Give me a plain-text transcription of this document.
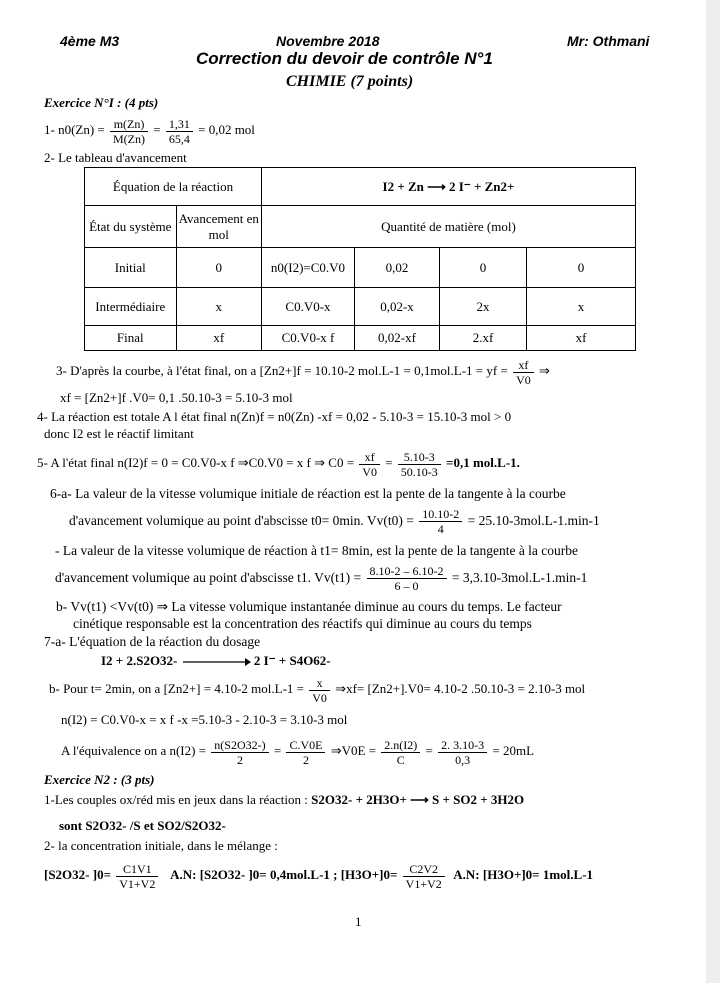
4ème M3	Novembre 2018	Mr: Othmani
Correction du devoir de contrôle N°1
CHIMIE (7 points)
Exercice N°I : (4 pts)
1- $n0(Zn) = \frac{m(Zn)}{M(Zn)} = \frac{1,31}{65,4} = 0,02$ mol
2- Le tableau d'avancement
Équation de la réaction		I2 + Zn ⟶ 2 I⁻ + Zn2+			
État du système	Avancement en mol	Quantité de matière (mol)			
Initial	0	n0(I2)=C0.V0	0,02	0	0
Intermédiaire	x	C0.V0-x	0,02-x	2x	x
Final	xf	C0.V0-x f	0,02-xf	2.xf	xf
3- D'après la courbe, à l'état final, on a [Zn2+]f = 10.10-2 mol.L-1 = 0,1mol.L-1 = yf = $\frac{xf}{V0}$ ⇒
xf = [Zn2+]f .V0= 0,1 .50.10-3 = 5.10-3 mol
4- La réaction est totale A l état final n(Zn)f = n0(Zn) -xf = 0,02 - 5.10-3 = 15.10-3 mol > 0
donc I2 est le réactif limitant
5- A l'état final n(I2)f = 0 = C0.V0-x f ⇒C0.V0 = x f ⇒ $C0 = \frac{xf}{V0} = \frac{5.10-3}{50.10-3} =0,1$ mol.L-1.
6-a- La valeur de la vitesse volumique initiale de réaction est la pente de la tangente à la courbe
d'avancement volumique au point d'abscisse t0= 0min. $Vv(t0) = \frac{10.10-2}{4} = 25.10-3mol.L-1.\min-1$
- La valeur de la vitesse volumique de réaction à t1= 8min, est la pente de la tangente à la courbe
d'avancement volumique au point d'abscisse t1. $Vv(t1) = \frac{8.10-2 - 6.10-2}{6 - 0} = 3,3.10-3mol.L-1.\min-1$
b- Vv(t1) <Vv(t0) ⇒ La vitesse volumique instantanée diminue au cours du temps. Le facteur
cinétique responsable est la concentration des réactifs qui diminue au cours du temps
7-a- L'équation de la réaction du dosage
I2 + 2.S2O32-	2 I⁻ + S4O62-
b- Pour t= 2min, on a [Zn2+] = 4.10-2 $mol.L-1 = \frac{x}{V0}$ ⇒xf= [Zn2+].V0= 4.10-2 .50.10-3 = 2.10-3 mol
n(I2) = C0.V0-x = x f -x =5.10-3 - 2.10-3 = 3.10-3 mol
A l'équivalence on a $n(I2) = \frac{n(S2O32-)}{2} = \frac{C.V0E}{2}$ ⇒V0E = $\frac{2.n(I2)}{C} = \frac{2. 3.10-3}{0,3} = 20mL$
Exercice N2 : (3 pts)
1-Les couples ox/réd mis en jeux dans la réaction : S2O32- + 2H3O+ ⟶ S + SO2 + 3H2O
sont S2O32- /S et SO2/S2O32-
2- la concentration initiale, dans le mélange :
[S2O32- ]$0= \frac{C1V1}{V1+V2} A.N$: [S2O32- ]0= 0,4mol.L-1 ; $[H3O+]0= \frac{C2V2}{V1+V2} A.N$: [H3O+]0= 1mol.L-1
1
